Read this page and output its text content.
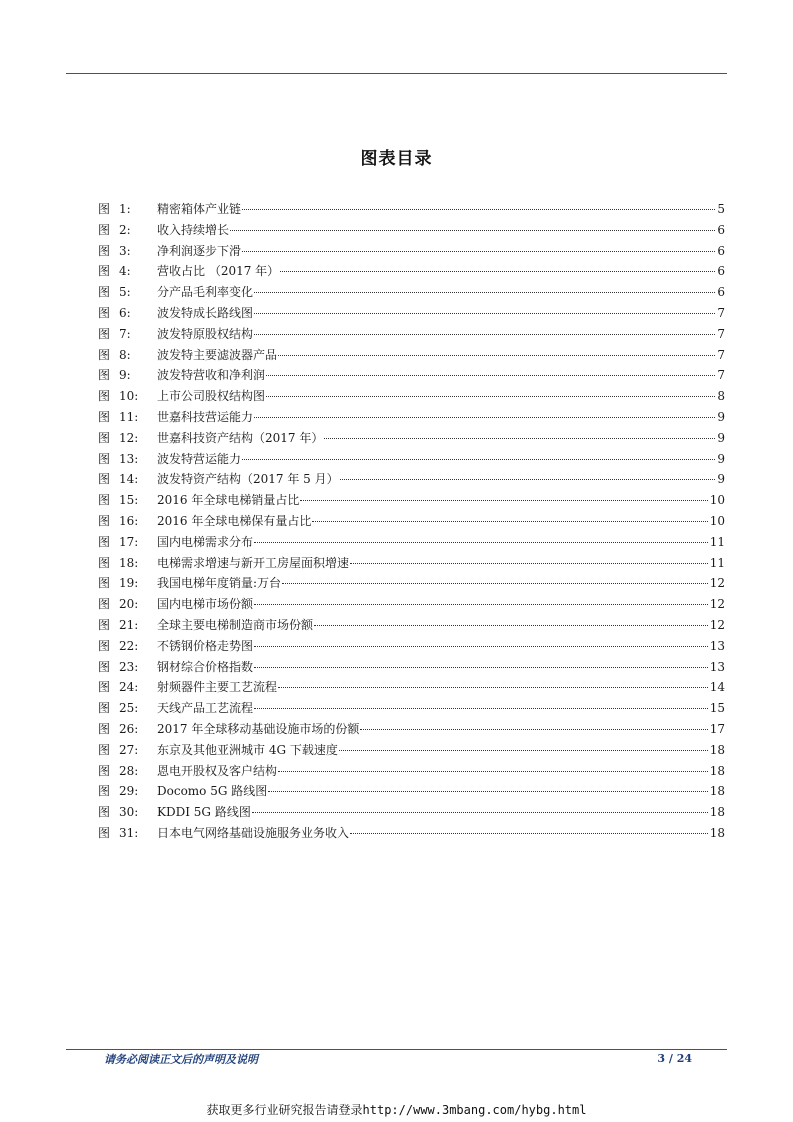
图表目录
图 1:	精密箱体产业链	5
图 2:	收入持续增长	6
图 3:	净利润逐步下滑	6
图 4:	营收占比 （2017 年）	6
图 5:	分产品毛利率变化	6
图 6:	波发特成长路线图	7
图 7:	波发特原股权结构	7
图 8:	波发特主要滤波器产品	7
图 9:	波发特营收和净利润	7
图 10:	上市公司股权结构图	8
图 11:	世嘉科技营运能力	9
图 12:	世嘉科技资产结构（2017 年）	9
图 13:	波发特营运能力	9
图 14:	波发特资产结构（2017 年 5 月）	9
图 15:	2016 年全球电梯销量占比	10
图 16:	2016 年全球电梯保有量占比	10
图 17:	国内电梯需求分布	11
图 18:	电梯需求增速与新开工房屋面积增速	11
图 19:	我国电梯年度销量:万台	12
图 20:	国内电梯市场份额	12
图 21:	全球主要电梯制造商市场份额	12
图 22:	不锈钢价格走势图	13
图 23:	钢材综合价格指数	13
图 24:	射频器件主要工艺流程	14
图 25:	天线产品工艺流程	15
图 26:	2017 年全球移动基础设施市场的份额	17
图 27:	东京及其他亚洲城市 4G 下载速度	18
图 28:	恩电开股权及客户结构	18
图 29:	Docomo 5G 路线图	18
图 30:	KDDI 5G 路线图	18
图 31:	日本电气网络基础设施服务业务收入	18
请务必阅读正文后的声明及说明	3 / 24
获取更多行业研究报告请登录http://www.3mbang.com/hybg.html
